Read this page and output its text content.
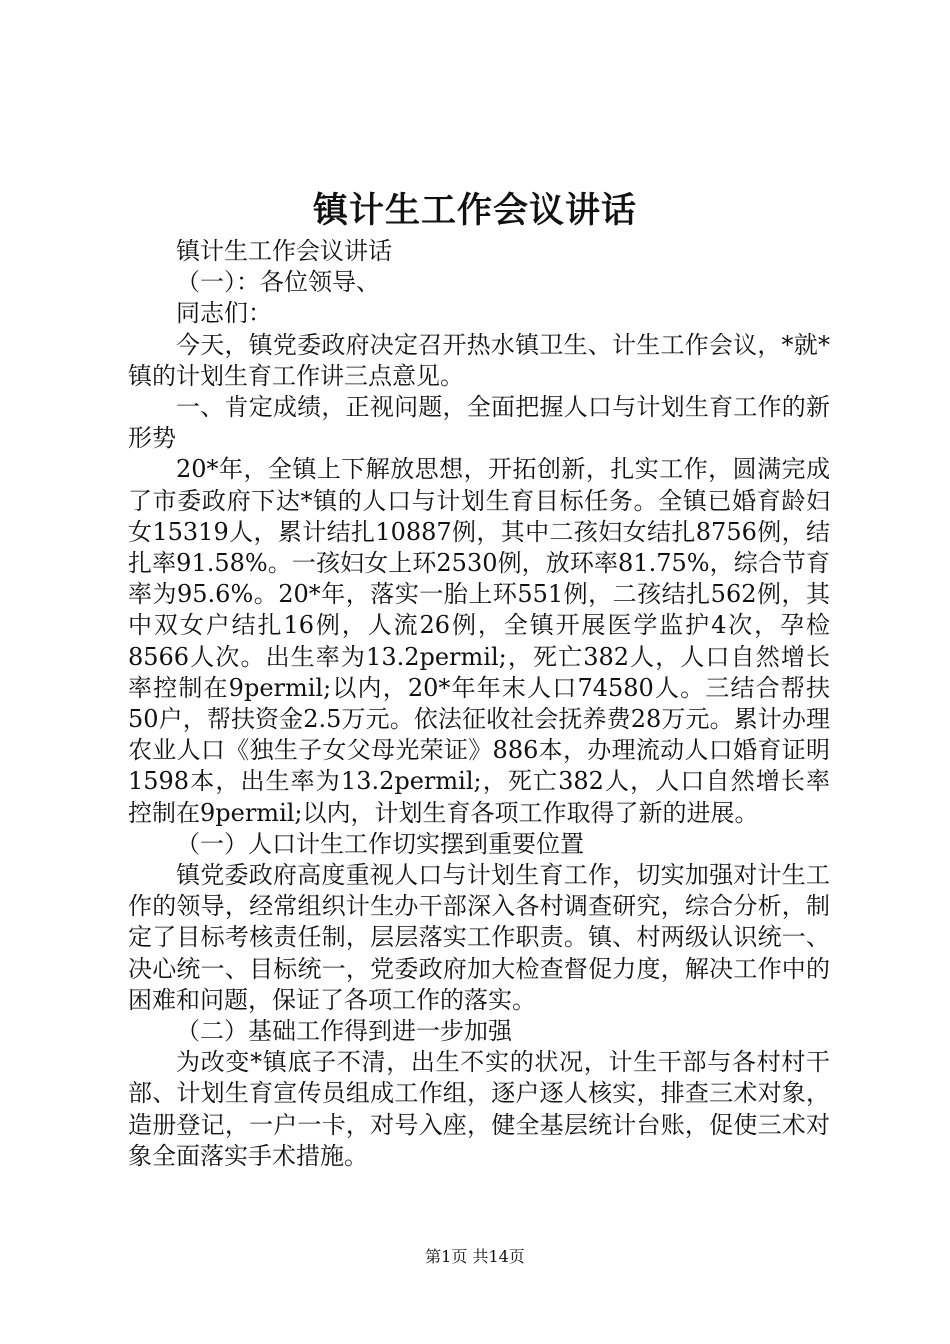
镇计生工作会议讲话

镇计生工作会议讲话

（一）：各位领导、

同志们：

今天，镇党委政府决定召开热水镇卫生、计生工作会议，*就*镇的计划生育工作讲三点意见。

一、肯定成绩，正视问题，全面把握人口与计划生育工作的新形势

20*年，全镇上下解放思想，开拓创新，扎实工作，圆满完成了市委政府下达*镇的人口与计划生育目标任务。全镇已婚育龄妇女15319人，累计结扎10887例，其中二孩妇女结扎8756例，结扎率91.58%。一孩妇女上环2530例，放环率81.75%，综合节育率为95.6%。20*年，落实一胎上环551例，二孩结扎562例，其中双女户结扎16例，人流26例，全镇开展医学监护4次，孕检8566人次。出生率为13.2permil;，死亡382人，人口自然增长率控制在9permil;以内，20*年年末人口74580人。三结合帮扶50户，帮扶资金2.5万元。依法征收社会抚养费28万元。累计办理农业人口《独生子女父母光荣证》886本，办理流动人口婚育证明1598本，出生率为13.2permil;，死亡382人，人口自然增长率控制在9permil;以内，计划生育各项工作取得了新的进展。

（一）人口计生工作切实摆到重要位置

镇党委政府高度重视人口与计划生育工作，切实加强对计生工作的领导，经常组织计生办干部深入各村调查研究，综合分析，制定了目标考核责任制，层层落实工作职责。镇、村两级认识统一、决心统一、目标统一，党委政府加大检查督促力度，解决工作中的困难和问题，保证了各项工作的落实。

（二）基础工作得到进一步加强

为改变*镇底子不清，出生不实的状况，计生干部与各村村干部、计划生育宣传员组成工作组，逐户逐人核实，排查三术对象，造册登记，一户一卡，对号入座，健全基层统计台账，促使三术对象全面落实手术措施。

第1页 共14页
